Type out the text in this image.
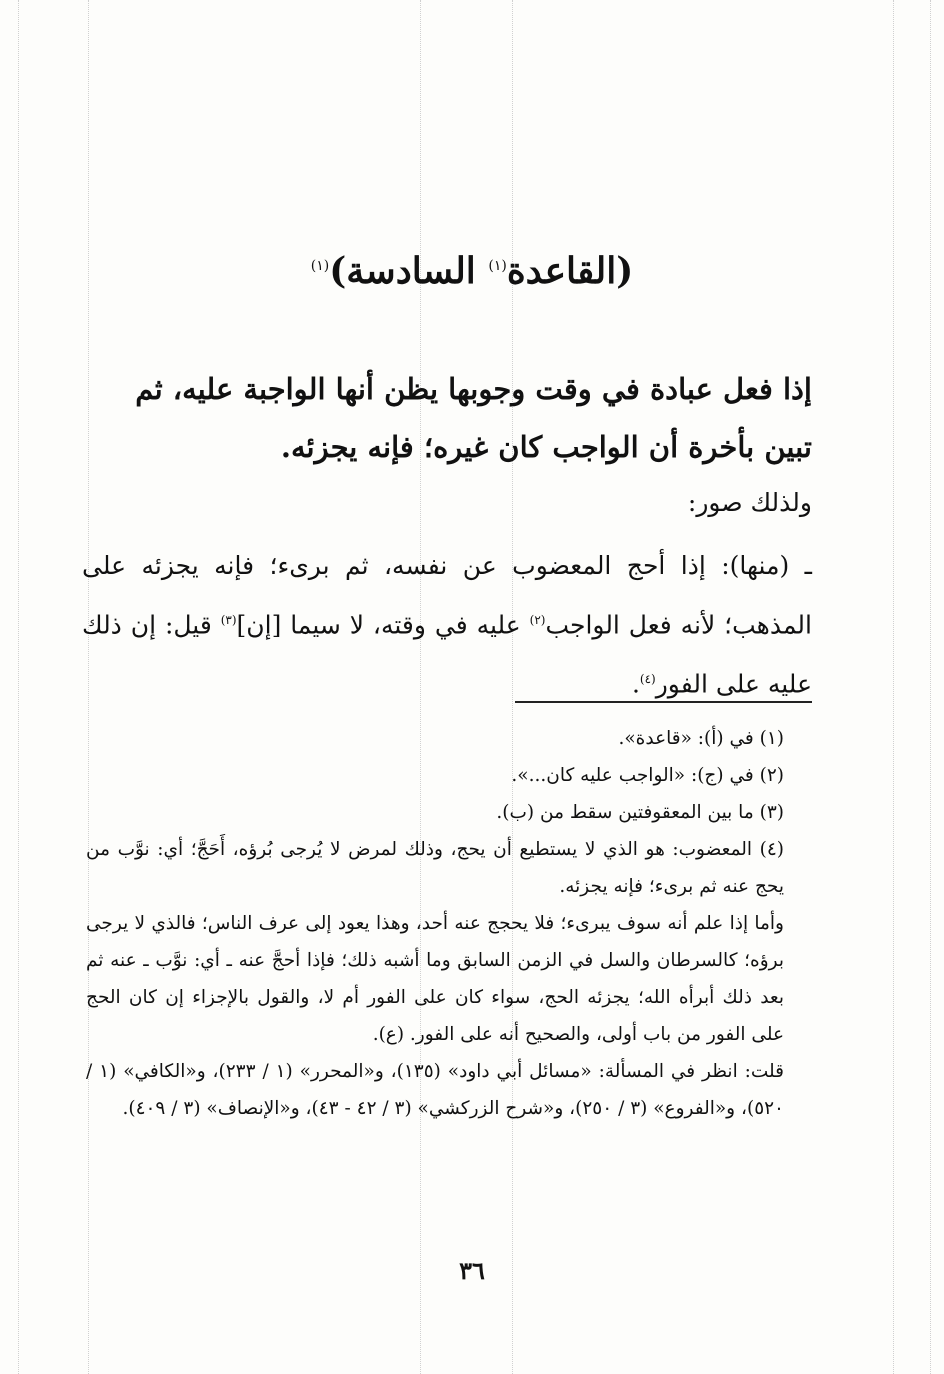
(القاعدة$^{(١)}$ السادسة)$^{(١)}$
إذا فعل عبادة في وقت وجوبها يظن أنها الواجبة عليه، ثم تبين بأخرة أن الواجب كان غيره؛ فإنه يجزئه.
ولذلك صور:
ـ (منها): إذا أحج المعضوب عن نفسه، ثم برىء؛ فإنه يجزئه على المذهب؛ لأنه فعل الواجب$^{(٢)}$ عليه في وقته، لا سيما [إن]$^{(٣)}$ قيل: إن ذلك عليه على الفور$^{(٤)}$.

(١) في (أ): «قاعدة».

(٢) في (ج): «الواجب عليه كان...».

(٣) ما بين المعقوفتين سقط من (ب).

(٤) المعضوب: هو الذي لا يستطيع أن يحج، وذلك لمرض لا يُرجى بُرؤه، أَحَجَّ؛ أي: نوَّب من يحج عنه ثم برىء؛ فإنه يجزئه.

وأما إذا علم أنه سوف يبرىء؛ فلا يحجج عنه أحد، وهذا يعود إلى عرف الناس؛ فالذي لا يرجى برؤه؛ كالسرطان والسل في الزمن السابق وما أشبه ذلك؛ فإذا أحجَّ عنه ـ أي: نوَّب ـ عنه ثم بعد ذلك أبرأه الله؛ يجزئه الحج، سواء كان على الفور أم لا، والقول بالإجزاء إن كان الحج على الفور من باب أولى، والصحيح أنه على الفور. (ع).

قلت: انظر في المسألة: «مسائل أبي داود» (١٣٥)، و«المحرر» (١ / ٢٣٣)، و«الكافي» (١ / ٥٢٠)، و«الفروع» (٣ / ٢٥٠)، و«شرح الزركشي» (٣ / ٤٢ - ٤٣)، و«الإنصاف» (٣ / ٤٠٩).

٣٦
